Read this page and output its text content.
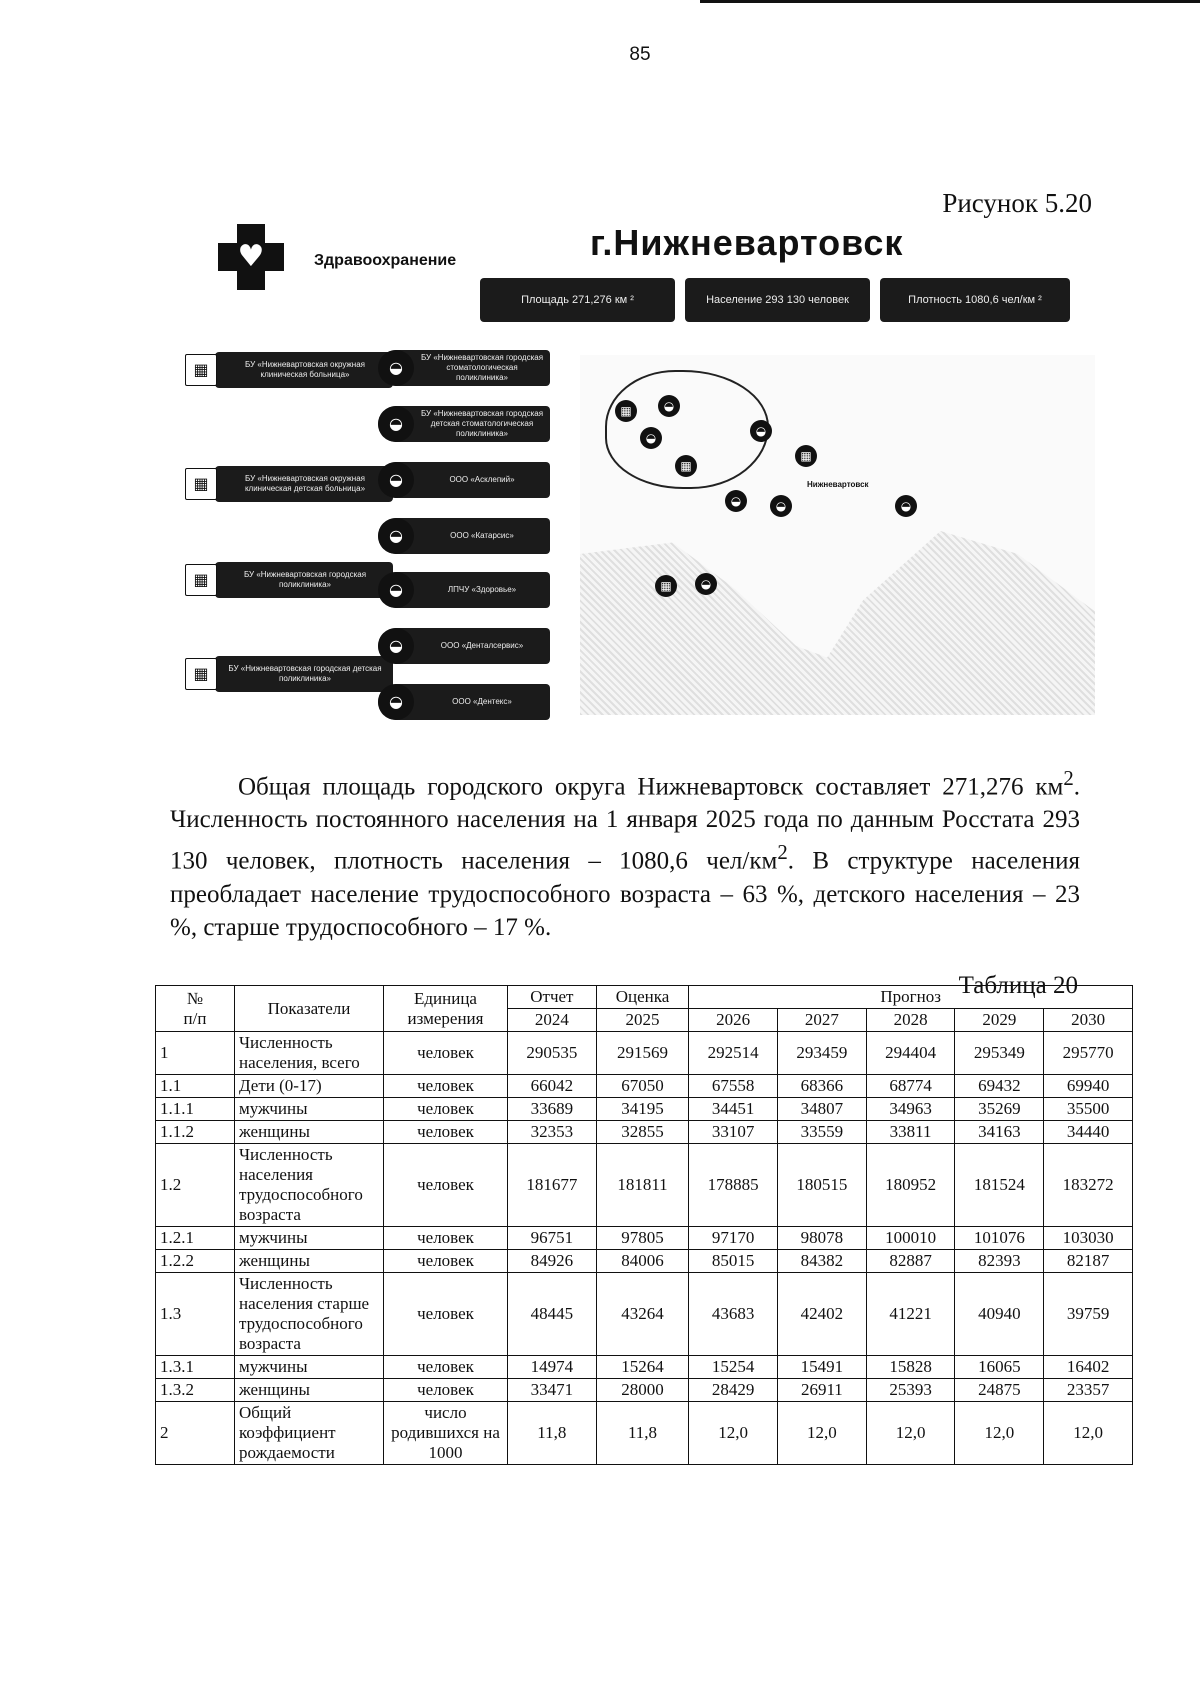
85
Рисунок 5.20
♥	Здравоохранение	г.Нижневартовск
Площадь 271,276 км ²	Население 293 130 человек	Плотность 1080,6 чел/км ²
Нижневартовск
▦	◒
◒
▦
◒
▦
◒	◒	◒
▦	◒
▦	БУ «Нижневартовская окружная клиническая больница»
▦	БУ «Нижневартовская окружная клиническая детская больница»
▦	БУ «Нижневартовская городская поликлиника»
▦	БУ «Нижневартовская городская детская поликлиника»
◒
БУ «Нижневартовская городская стоматологическая поликлиника»
◒
БУ «Нижневартовская городская детская стоматологическая поликлиника»
◒	ООО «Асклепий»
◒	ООО «Катарсис»
◒	ЛПЧУ «Здоровье»
◒	ООО «Денталсервис»
◒	ООО «Дентекс»
Общая площадь городского округа Нижневартовск составляет 271,276 $км^2$. Численность постоянного населения на 1 января 2025 года по данным Росстата 293 130 человек, плотность населения – 1080,6 чел/$км^2$. В структуре населения преобладает население трудоспособного возраста – 63 %, детского населения – 23 %, старше трудоспособного – 17 %.
Таблица 20
№
п/п	Показатели	Единица измерения	Отчет	Оценка	Прогноз				
			2024	2025	2026	2027	2028	2029	2030
1	Численность населения, всего	человек	290535	291569	292514	293459	294404	295349	295770
1.1	Дети (0-17)	человек	66042	67050	67558	68366	68774	69432	69940
1.1.1	мужчины	человек	33689	34195	34451	34807	34963	35269	35500
1.1.2	женщины	человек	32353	32855	33107	33559	33811	34163	34440
1.2	Численность населения трудоспособного возраста	человек	181677	181811	178885	180515	180952	181524	183272
1.2.1	мужчины	человек	96751	97805	97170	98078	100010	101076	103030
1.2.2	женщины	человек	84926	84006	85015	84382	82887	82393	82187
1.3	Численность населения старше трудоспособного возраста	человек	48445	43264	43683	42402	41221	40940	39759
1.3.1	мужчины	человек	14974	15264	15254	15491	15828	16065	16402
1.3.2	женщины	человек	33471	28000	28429	26911	25393	24875	23357
2	Общий коэффициент рождаемости	число родившихся на 1000	11,8	11,8	12,0	12,0	12,0	12,0	12,0
